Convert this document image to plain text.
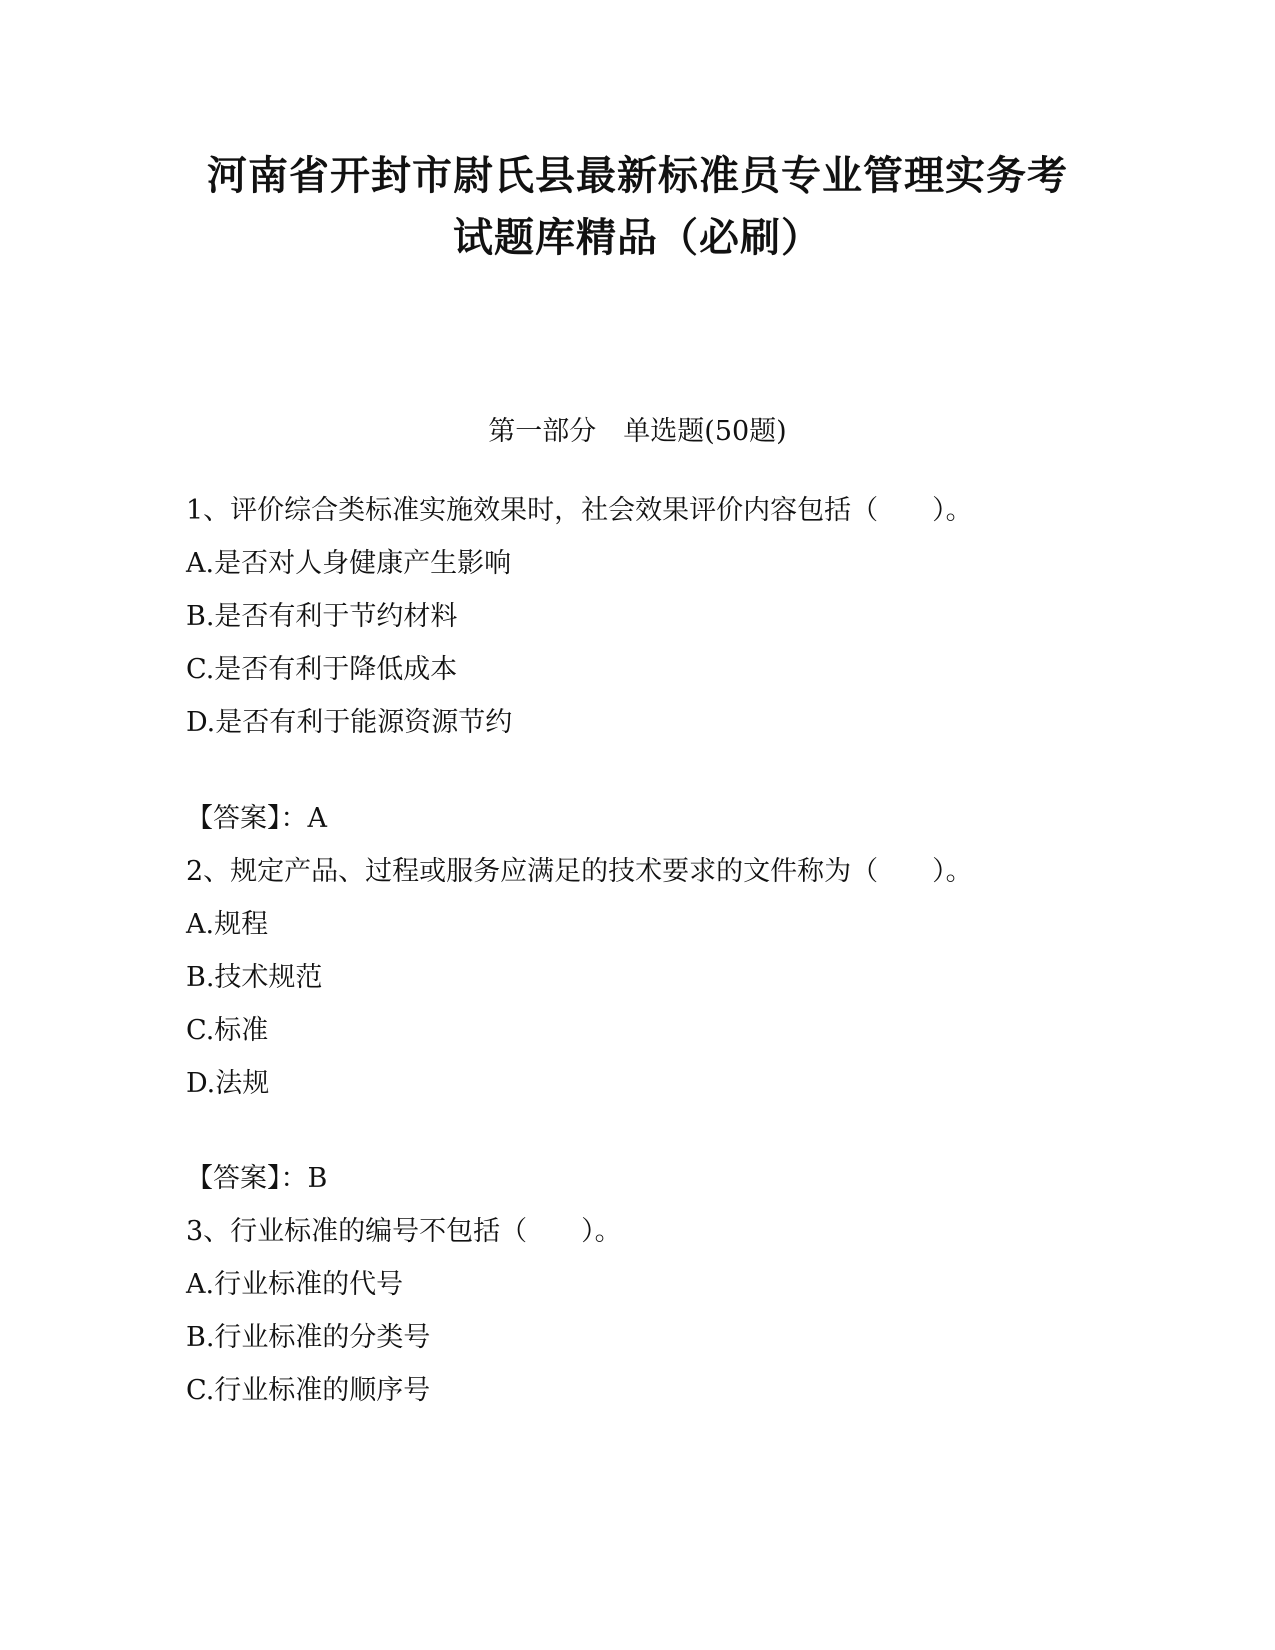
河南省开封市尉氏县最新标准员专业管理实务考
试题库精品（必刷）
第一部分　单选题(50题)
1、评价综合类标准实施效果时，社会效果评价内容包括（　　）。
A.是否对人身健康产生影响
B.是否有利于节约材料
C.是否有利于降低成本
D.是否有利于能源资源节约
【答案】：A
2、规定产品、过程或服务应满足的技术要求的文件称为（　　）。
A.规程
B.技术规范
C.标准
D.法规
【答案】：B
3、行业标准的编号不包括（　　）。
A.行业标准的代号
B.行业标准的分类号
C.行业标准的顺序号
